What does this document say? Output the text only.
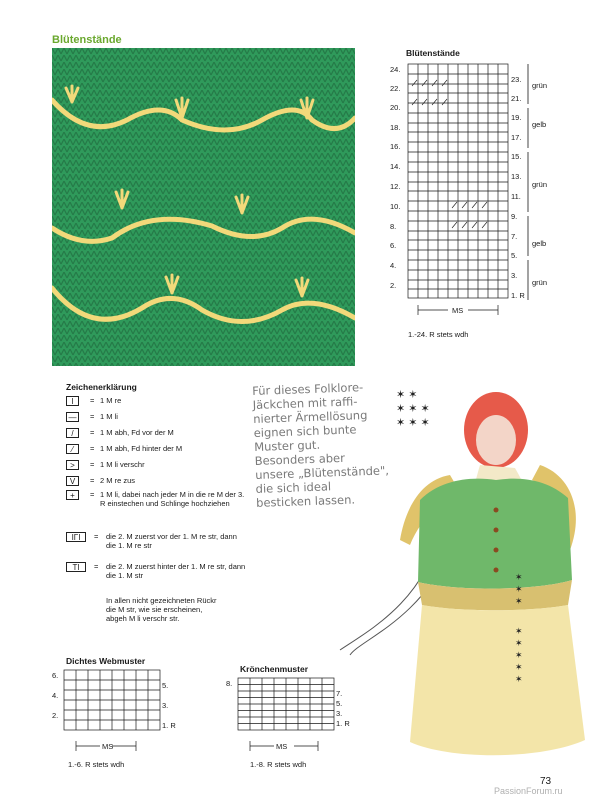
Blütenstände
Blütenstände
24.
22.
20.
18.
16.
14.
12.
10.
8.
6.
4.
2.
23.
21.
19.
17.
15.
13.
11.
9.
7.
5.
3.
1. R
grün
gelb
grün
gelb
grün
MS
1.-24. R stets wdh
Zeichenerklärung
I	= 1 M re
—	= 1 M li
/	= 1 M abh, Fd vor der M
⁄	= 1 M abh, Fd hinter der M
>	= 1 M li verschr
V	= 2 M re zus
+	= 1 M li, dabei nach jeder M in die re M der 3. R einstechen und Schlinge hochziehen
IΓI	= die 2. M zuerst vor der 1. M re str, dann die 1. M re str
TI	= die 2. M zuerst hinter der 1. M re str, dann die 1. M str
In allen nicht gezeichneten Rückr die M str, wie sie erscheinen, abgeh M li verschr str.
Für dieses Folklore-
Jäckchen mit raffi-
nierter Ärmellösung
eignen sich bunte
Muster gut.
Besonders aber
unsere „Blütenstände",
die sich ideal
besticken lassen.
✶ ✶
✶ ✶ ✶
✶ ✶ ✶
✶
✶
✶
✶
✶
✶
✶
✶
Dichtes Webmuster
6.
4.
2.
5.
3.
1. R
MS
1.-6. R stets wdh
Krönchenmuster
8.
7.
5.
3.
1. R
MS
1.-8. R stets wdh
73
PassionForum.ru
